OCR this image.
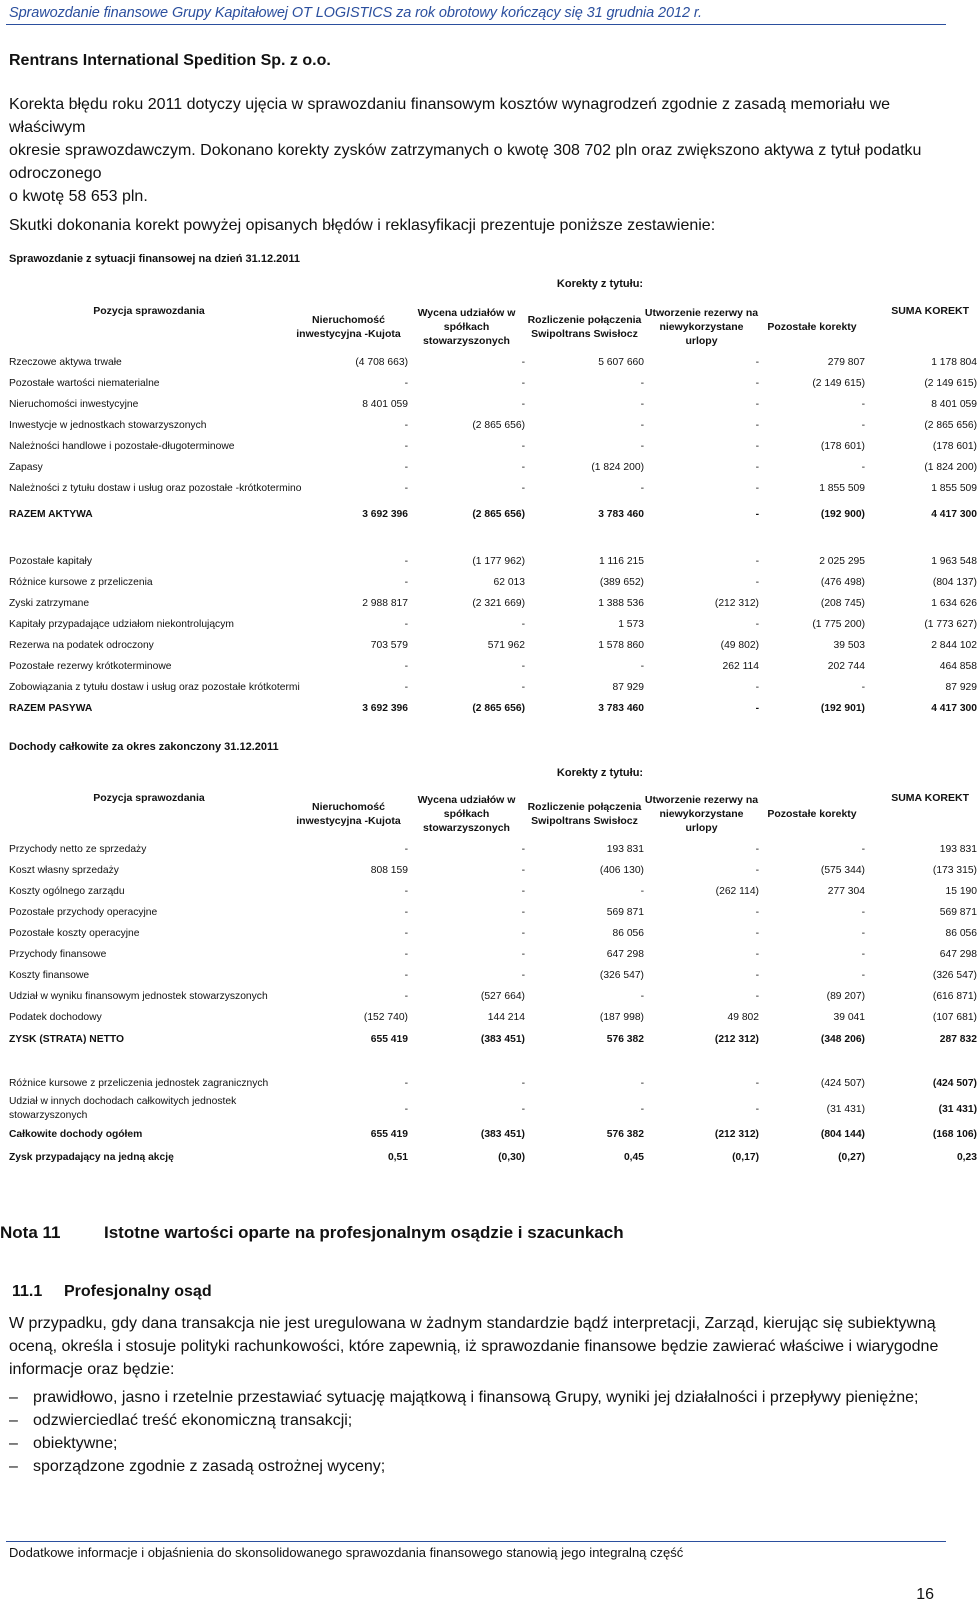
Sprawozdanie finansowe Grupy Kapitałowej OT LOGISTICS za rok obrotowy kończący się 31 grudnia 2012 r.
Rentrans International Spedition Sp. z o.o.
Korekta błędu roku 2011 dotyczy ujęcia w sprawozdaniu finansowym kosztów wynagrodzeń zgodnie z zasadą memoriału we właściwym
okresie sprawozdawczym. Dokonano korekty zysków zatrzymanych o kwotę 308 702 pln oraz zwiększono aktywa z tytuł podatku
odroczonego
o kwotę 58 653 pln.
Skutki dokonania korekt powyżej opisanych błędów i reklasyfikacji prezentuje poniższe zestawienie:
Sprawozdanie z sytuacji finansowej na dzień 31.12.2011
Korekty z tytułu:
Pozycja sprawozdania	Nieruchomość inwestycyjna -Kujota	Wycena udziałów w spółkach stowarzyszonych	Rozliczenie połączenia Swipoltrans Swisłocz	Utworzenie rezerwy na niewykorzystane urlopy	Pozostałe korekty	SUMA KOREKT
Rzeczowe aktywa trwałe	(4 708 663)	-	5 607 660	-	279 807	1 178 804
Pozostałe wartości niematerialne	-	-	-	-	(2 149 615)	(2 149 615)
Nieruchomości inwestycyjne	8 401 059	-	-	-	-	8 401 059
Inwestycje w jednostkach stowarzyszonych	-	(2 865 656)	-	-	-	(2 865 656)
Należności handlowe i pozostałe-długoterminowe	-	-	-	-	(178 601)	(178 601)
Zapasy	-	-	(1 824 200)	-	-	(1 824 200)
Należności z tytułu dostaw i usług oraz pozostałe -krótkotermino	-	-	-	-	1 855 509	1 855 509
RAZEM AKTYWA	3 692 396	(2 865 656)	3 783 460	-	(192 900)	4 417 300

Pozostałe kapitały	-	(1 177 962)	1 116 215	-	2 025 295	1 963 548
Różnice kursowe z przeliczenia	-	62 013	(389 652)	-	(476 498)	(804 137)
Zyski zatrzymane	2 988 817	(2 321 669)	1 388 536	(212 312)	(208 745)	1 634 626
Kapitały przypadające udziałom niekontrolującym	-	-	1 573	-	(1 775 200)	(1 773 627)
Rezerwa na podatek odroczony	703 579	571 962	1 578 860	(49 802)	39 503	2 844 102
Pozostałe rezerwy krótkoterminowe	-	-	-	262 114	202 744	464 858
Zobowiązania z tytułu dostaw i usług oraz pozostałe krótkotermi	-	-	87 929	-	-	87 929
RAZEM PASYWA	3 692 396	(2 865 656)	3 783 460	-	(192 901)	4 417 300
Dochody całkowite za okres zakonczony 31.12.2011
Korekty z tytułu:
Pozycja sprawozdania	Nieruchomość inwestycyjna -Kujota	Wycena udziałów w spółkach stowarzyszonych	Rozliczenie połączenia Swipoltrans Swisłocz	Utworzenie rezerwy na niewykorzystane urlopy	Pozostałe korekty	SUMA KOREKT
Przychody netto ze sprzedaży	-	-	193 831	-	-	193 831
Koszt własny sprzedaży	808 159	-	(406 130)	-	(575 344)	(173 315)
Koszty ogólnego zarządu	-	-	-	(262 114)	277 304	15 190
Pozostałe przychody operacyjne	-	-	569 871	-	-	569 871
Pozostałe koszty operacyjne	-	-	86 056	-	-	86 056
Przychody finansowe	-	-	647 298	-	-	647 298
Koszty finansowe	-	-	(326 547)	-	-	(326 547)
Udział w wyniku finansowym jednostek stowarzyszonych	-	(527 664)	-	-	(89 207)	(616 871)
Podatek dochodowy	(152 740)	144 214	(187 998)	49 802	39 041	(107 681)
ZYSK (STRATA) NETTO	655 419	(383 451)	576 382	(212 312)	(348 206)	287 832

Różnice kursowe z przeliczenia jednostek zagranicznych	-	-	-	-	(424 507)	(424 507)
Udział w innych dochodach całkowitych jednostek stowarzyszonych	-	-	-	-	(31 431)	(31 431)
Całkowite dochody ogółem	655 419	(383 451)	576 382	(212 312)	(804 144)	(168 106)
Zysk przypadający na jedną akcję	0,51	(0,30)	0,45	(0,17)	(0,27)	0,23
Nota 11	Istotne wartości oparte na profesjonalnym osądzie i szacunkach
11.1 Profesjonalny osąd
W przypadku, gdy dana transakcja nie jest uregulowana w żadnym standardzie bądź interpretacji, Zarząd, kierując się subiektywną oceną, określa i stosuje polityki rachunkowości, które zapewnią, iż sprawozdanie finansowe będzie zawierać właściwe i wiarygodne informacje oraz będzie:
– prawidłowo, jasno i rzetelnie przestawiać sytuację majątkową i finansową Grupy, wyniki jej działalności i przepływy pieniężne;
– odzwierciedlać treść ekonomiczną transakcji;
– obiektywne;
– sporządzone zgodnie z zasadą ostrożnej wyceny;
Dodatkowe informacje i objaśnienia do skonsolidowanego sprawozdania finansowego stanowią jego integralną część
16
